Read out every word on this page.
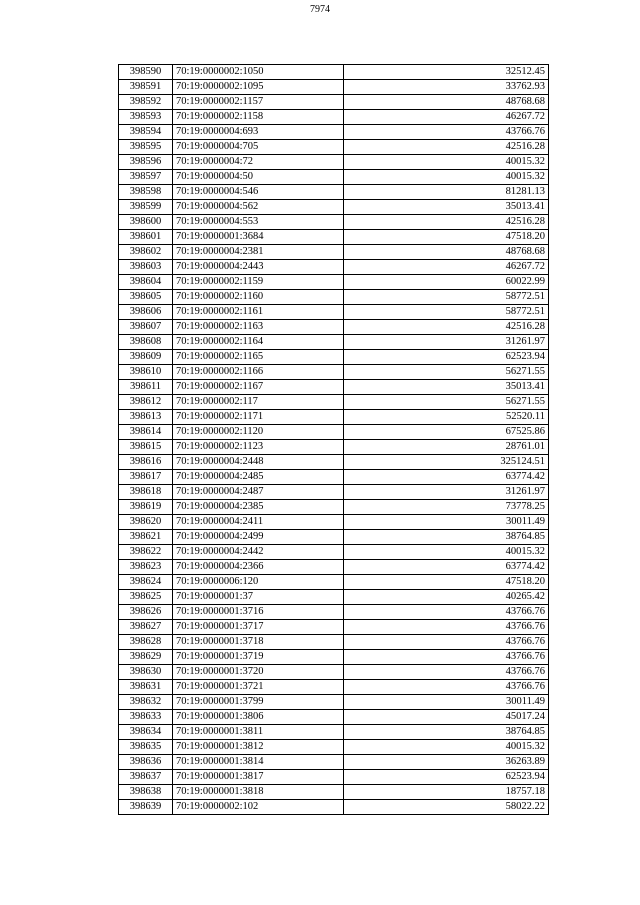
7974
398590	70:19:0000002:1050	32512.45
398591	70:19:0000002:1095	33762.93
398592	70:19:0000002:1157	48768.68
398593	70:19:0000002:1158	46267.72
398594	70:19:0000004:693	43766.76
398595	70:19:0000004:705	42516.28
398596	70:19:0000004:72	40015.32
398597	70:19:0000004:50	40015.32
398598	70:19:0000004:546	81281.13
398599	70:19:0000004:562	35013.41
398600	70:19:0000004:553	42516.28
398601	70:19:0000001:3684	47518.20
398602	70:19:0000004:2381	48768.68
398603	70:19:0000004:2443	46267.72
398604	70:19:0000002:1159	60022.99
398605	70:19:0000002:1160	58772.51
398606	70:19:0000002:1161	58772.51
398607	70:19:0000002:1163	42516.28
398608	70:19:0000002:1164	31261.97
398609	70:19:0000002:1165	62523.94
398610	70:19:0000002:1166	56271.55
398611	70:19:0000002:1167	35013.41
398612	70:19:0000002:117	56271.55
398613	70:19:0000002:1171	52520.11
398614	70:19:0000002:1120	67525.86
398615	70:19:0000002:1123	28761.01
398616	70:19:0000004:2448	325124.51
398617	70:19:0000004:2485	63774.42
398618	70:19:0000004:2487	31261.97
398619	70:19:0000004:2385	73778.25
398620	70:19:0000004:2411	30011.49
398621	70:19:0000004:2499	38764.85
398622	70:19:0000004:2442	40015.32
398623	70:19:0000004:2366	63774.42
398624	70:19:0000006:120	47518.20
398625	70:19:0000001:37	40265.42
398626	70:19:0000001:3716	43766.76
398627	70:19:0000001:3717	43766.76
398628	70:19:0000001:3718	43766.76
398629	70:19:0000001:3719	43766.76
398630	70:19:0000001:3720	43766.76
398631	70:19:0000001:3721	43766.76
398632	70:19:0000001:3799	30011.49
398633	70:19:0000001:3806	45017.24
398634	70:19:0000001:3811	38764.85
398635	70:19:0000001:3812	40015.32
398636	70:19:0000001:3814	36263.89
398637	70:19:0000001:3817	62523.94
398638	70:19:0000001:3818	18757.18
398639	70:19:0000002:102	58022.22
